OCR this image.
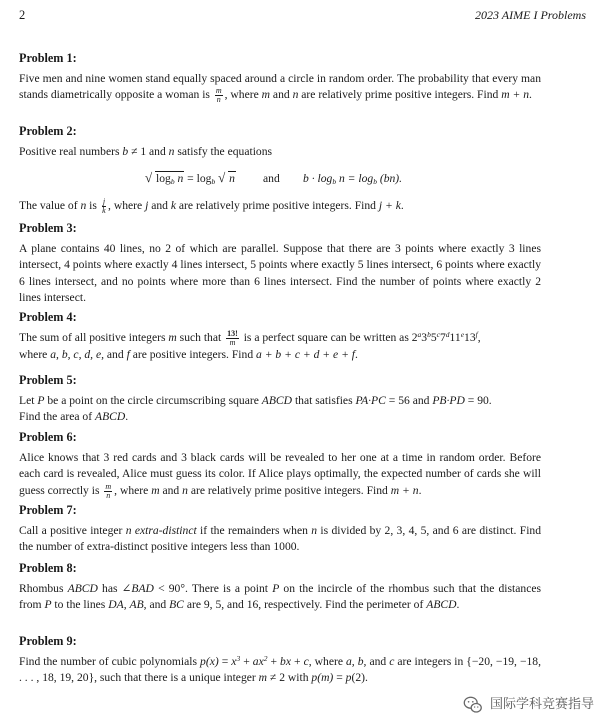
2	2023 AIME I Problems
Problem 1:
Five men and nine women stand equally spaced around a circle in random order. The probability that every man stands diametrically opposite a woman is $\frac{m}{n}$ , where m and n are relatively prime positive integers. Find m + n.
Problem 2:
Positive real numbers b ≠ 1 and n satisfy the equations
√ $\log_b n = \log_b$ √ n and $b \cdot \log_b n = \log_b (bn)$.
The value of n is $\frac{j}{k}$ , where j and k are relatively prime positive integers. Find j + k.
Problem 3:
A plane contains 40 lines, no 2 of which are parallel. Suppose that there are 3 points where exactly 3 lines intersect, 4 points where exactly 4 lines intersect, 5 points where exactly 5 lines intersect, 6 points where exactly 6 lines intersect, and no points where more than 6 lines intersect. Find the number of points where exactly 2 lines intersect.
Problem 4:
The sum of all positive integers m such that $\frac{13!}{m}$ is a perfect square can be written as 2$^a$3$^b$5$^c$7$^d$11e13$^f$,
where a, b, c, d, e, and f are positive integers. Find a + b + c + d + e + f.
Problem 5:
Let P be a point on the circle circumscribing square ABCD that satisfies PA·PC = 56 and PB·PD = 90.
Find the area of ABCD.
Problem 6:
Alice knows that 3 red cards and 3 black cards will be revealed to her one at a time in random order. Before each card is revealed, Alice must guess its color. If Alice plays optimally, the expected number of cards she will guess correctly is $\frac{m}{n}$ , where m and n are relatively prime positive integers. Find m + n.
Problem 7:
Call a positive integer n extra-distinct if the remainders when n is divided by 2, 3, 4, 5, and 6 are distinct. Find the number of extra-distinct positive integers less than 1000.
Problem 8:
Rhombus ABCD has ∠BAD < 90°. There is a point P on the incircle of the rhombus such that the distances from P to the lines DA, AB, and BC are 9, 5, and 16, respectively. Find the perimeter of ABCD.
Problem 9:
Find the number of cubic polynomials $p(x) = x^3 + ax^2$ + bx + c, where a, b, and c are integers in {−20, −19, −18, . . . , 18, 19, 20}, such that there is a unique integer m ≠ 2 with p(m) = p(2).
国际学科竞赛指导
